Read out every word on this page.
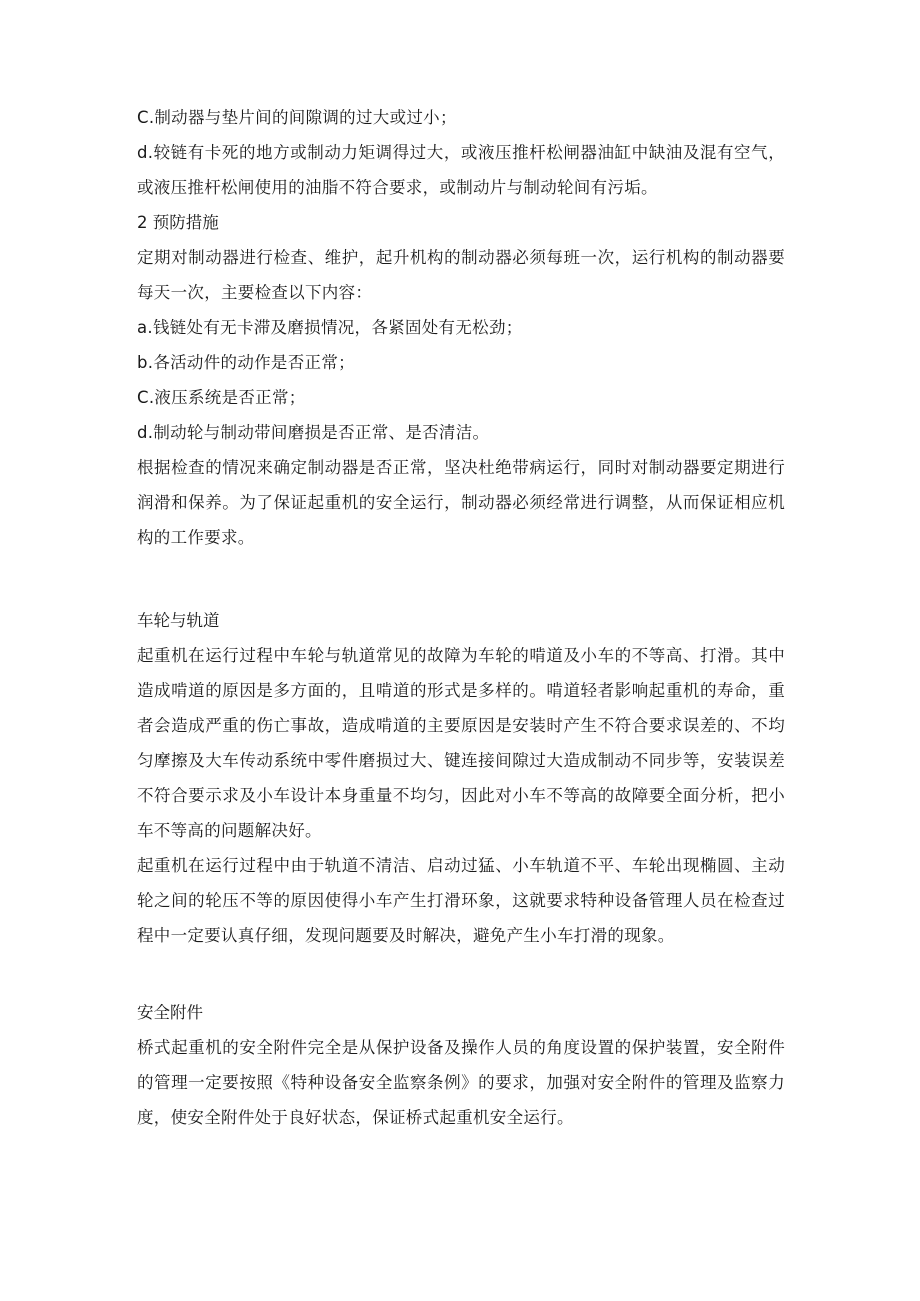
C.制动器与垫片间的间隙调的过大或过小；
d.较链有卡死的地方或制动力矩调得过大，或液压推杆松闸器油缸中缺油及混有空气，
或液压推杆松闸使用的油脂不符合要求，或制动片与制动轮间有污垢。
2 预防措施
定期对制动器进行检查、维护，起升机构的制动器必须每班一次，运行机构的制动器要
每天一次，主要检查以下内容：
a.钱链处有无卡滞及磨损情况，各紧固处有无松劲；
b.各活动件的动作是否正常；
C.液压系统是否正常；
d.制动轮与制动带间磨损是否正常、是否清洁。
根据检查的情况来确定制动器是否正常，坚决杜绝带病运行，同时对制动器要定期进行
润滑和保养。为了保证起重机的安全运行，制动器必须经常进行调整，从而保证相应机
构的工作要求。
车轮与轨道
起重机在运行过程中车轮与轨道常见的故障为车轮的啃道及小车的不等高、打滑。其中
造成啃道的原因是多方面的，且啃道的形式是多样的。啃道轻者影响起重机的寿命，重
者会造成严重的伤亡事故，造成啃道的主要原因是安装时产生不符合要求误差的、不均
匀摩擦及大车传动系统中零件磨损过大、键连接间隙过大造成制动不同步等，安装误差
不符合要示求及小车设计本身重量不均匀，因此对小车不等高的故障要全面分析，把小
车不等高的问题解决好。
起重机在运行过程中由于轨道不清洁、启动过猛、小车轨道不平、车轮出现椭圆、主动
轮之间的轮压不等的原因使得小车产生打滑环象，这就要求特种设备管理人员在检查过
程中一定要认真仔细，发现问题要及时解决，避免产生小车打滑的现象。
安全附件
桥式起重机的安全附件完全是从保护设备及操作人员的角度设置的保护装置，安全附件
的管理一定要按照《特种设备安全监察条例》的要求，加强对安全附件的管理及监察力
度，使安全附件处于良好状态，保证桥式起重机安全运行。
